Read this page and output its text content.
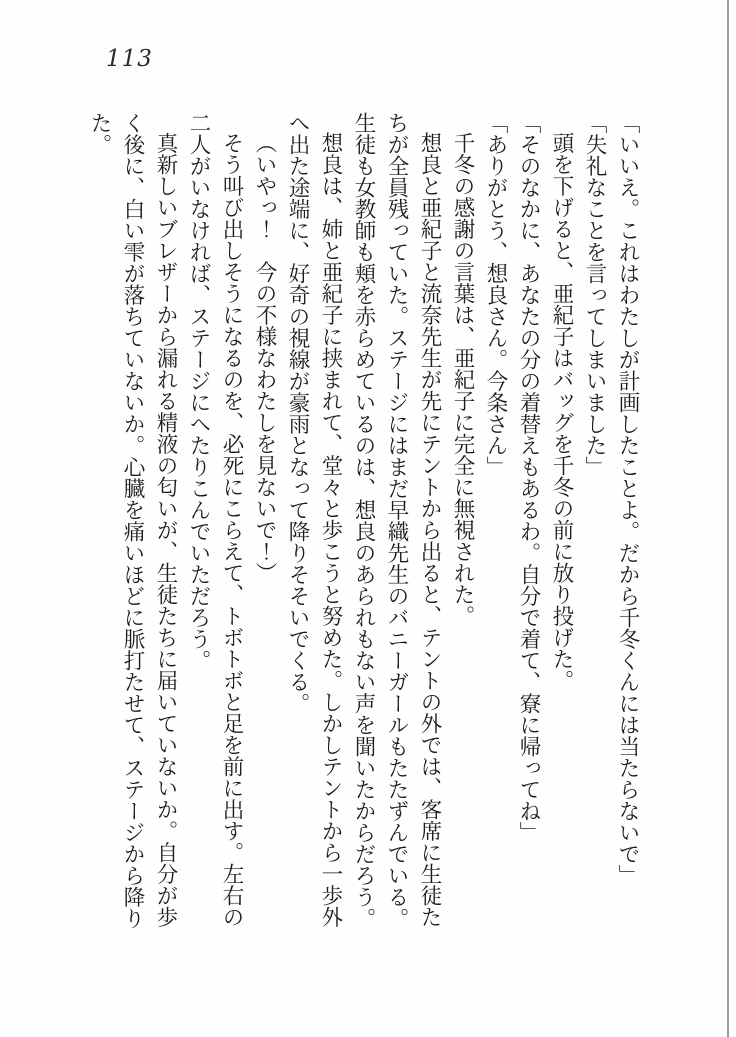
113
「いいえ。これはわたしが計画したことよ。だから千冬くんには当たらないで」
「失礼なことを言ってしまいました」
頭を下げると、亜紀子はバッグを千冬の前に放り投げた。
「そのなかに、あなたの分の着替えもあるわ。自分で着て、寮に帰ってね」
「ありがとう、想良さん。今条さん」
千冬の感謝の言葉は、亜紀子に完全に無視された。
想良と亜紀子と流奈先生が先にテントから出ると、テントの外では、客席に生徒た
ちが全員残っていた。ステージにはまだ早織先生のバニーガールもたたずんでいる。
生徒も女教師も頬を赤らめているのは、想良のあられもない声を聞いたからだろう。
想良は、姉と亜紀子に挟まれて、堂々と歩こうと努めた。しかしテントから一歩外
へ出た途端に、好奇の視線が豪雨となって降りそそいでくる。
（いやっ！　今の不様なわたしを見ないで！）
そう叫び出しそうになるのを、必死にこらえて、トボトボと足を前に出す。左右の
二人がいなければ、ステージにへたりこんでいただろう。
真新しいブレザーから漏れる精液の匂いが、生徒たちに届いていないか。自分が歩
く後に、白い雫が落ちていないか。心臓を痛いほどに脈打たせて、ステージから降り
た。
